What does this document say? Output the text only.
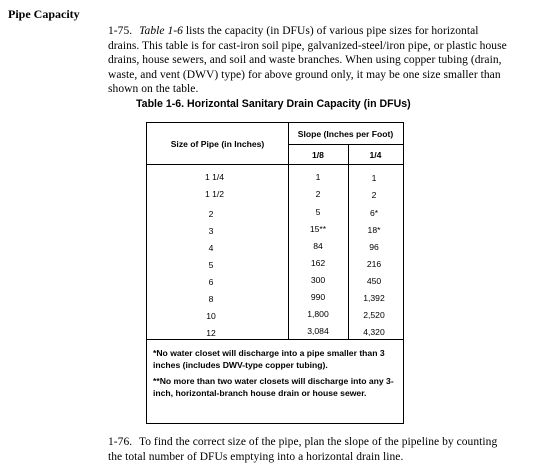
Pipe Capacity
1-75. Table 1-6 lists the capacity (in DFUs) of various pipe sizes for horizontal drains. This table is for cast-iron soil pipe, galvanized-steel/iron pipe, or plastic house drains, house sewers, and soil and waste branches. When using copper tubing (drain, waste, and vent (DWV) type) for above ground only, it may be one size smaller than shown on the table.
Table 1-6. Horizontal Sanitary Drain Capacity (in DFUs)
Size of Pipe (in Inches)
Slope (Inches per Foot)
1/8	1/4
1 1/4	1	1
1 1/2	2	2
2	5	6*
3	15**	18*
4	84	96
5	162	216
6	300	450
8	990	1,392
10	1,800	2,520
12	3,084	4,320
*No water closet will discharge into a pipe smaller than 3 inches (includes DWV-type copper tubing).
**No more than two water closets will discharge into any 3-inch, horizontal-branch house drain or house sewer.
1-76. To find the correct size of the pipe, plan the slope of the pipeline by counting the total number of DFUs emptying into a horizontal drain line.
